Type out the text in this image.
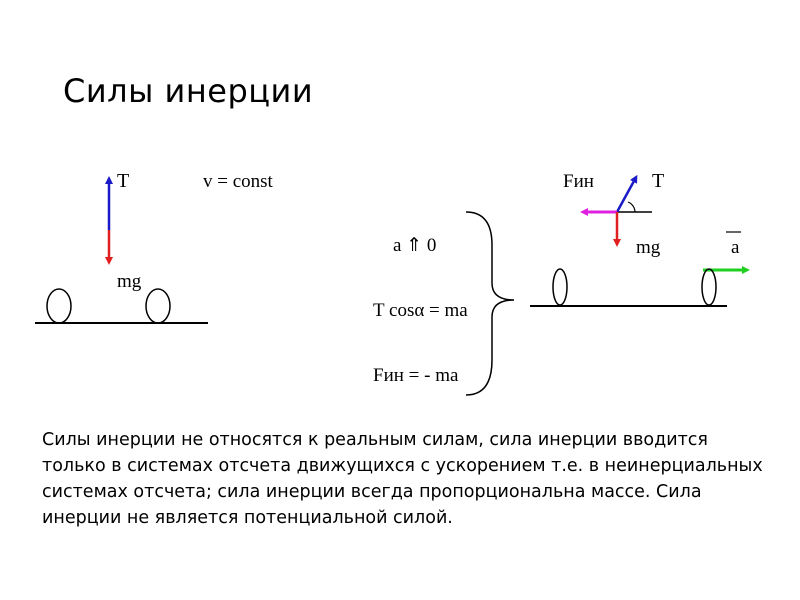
Силы инерции
T
mg
v = const
a ⇑ 0
T cosα = ma
Fин = - ma
Fин	T
mg	a

Силы инерции не относятся к реальным силам, сила инерции вводится только в системах отсчета движущихся с ускорением т.е. в неинерциальных системах отсчета; сила инерции всегда пропорциональна массе. Сила инерции не является потенциальной силой.
